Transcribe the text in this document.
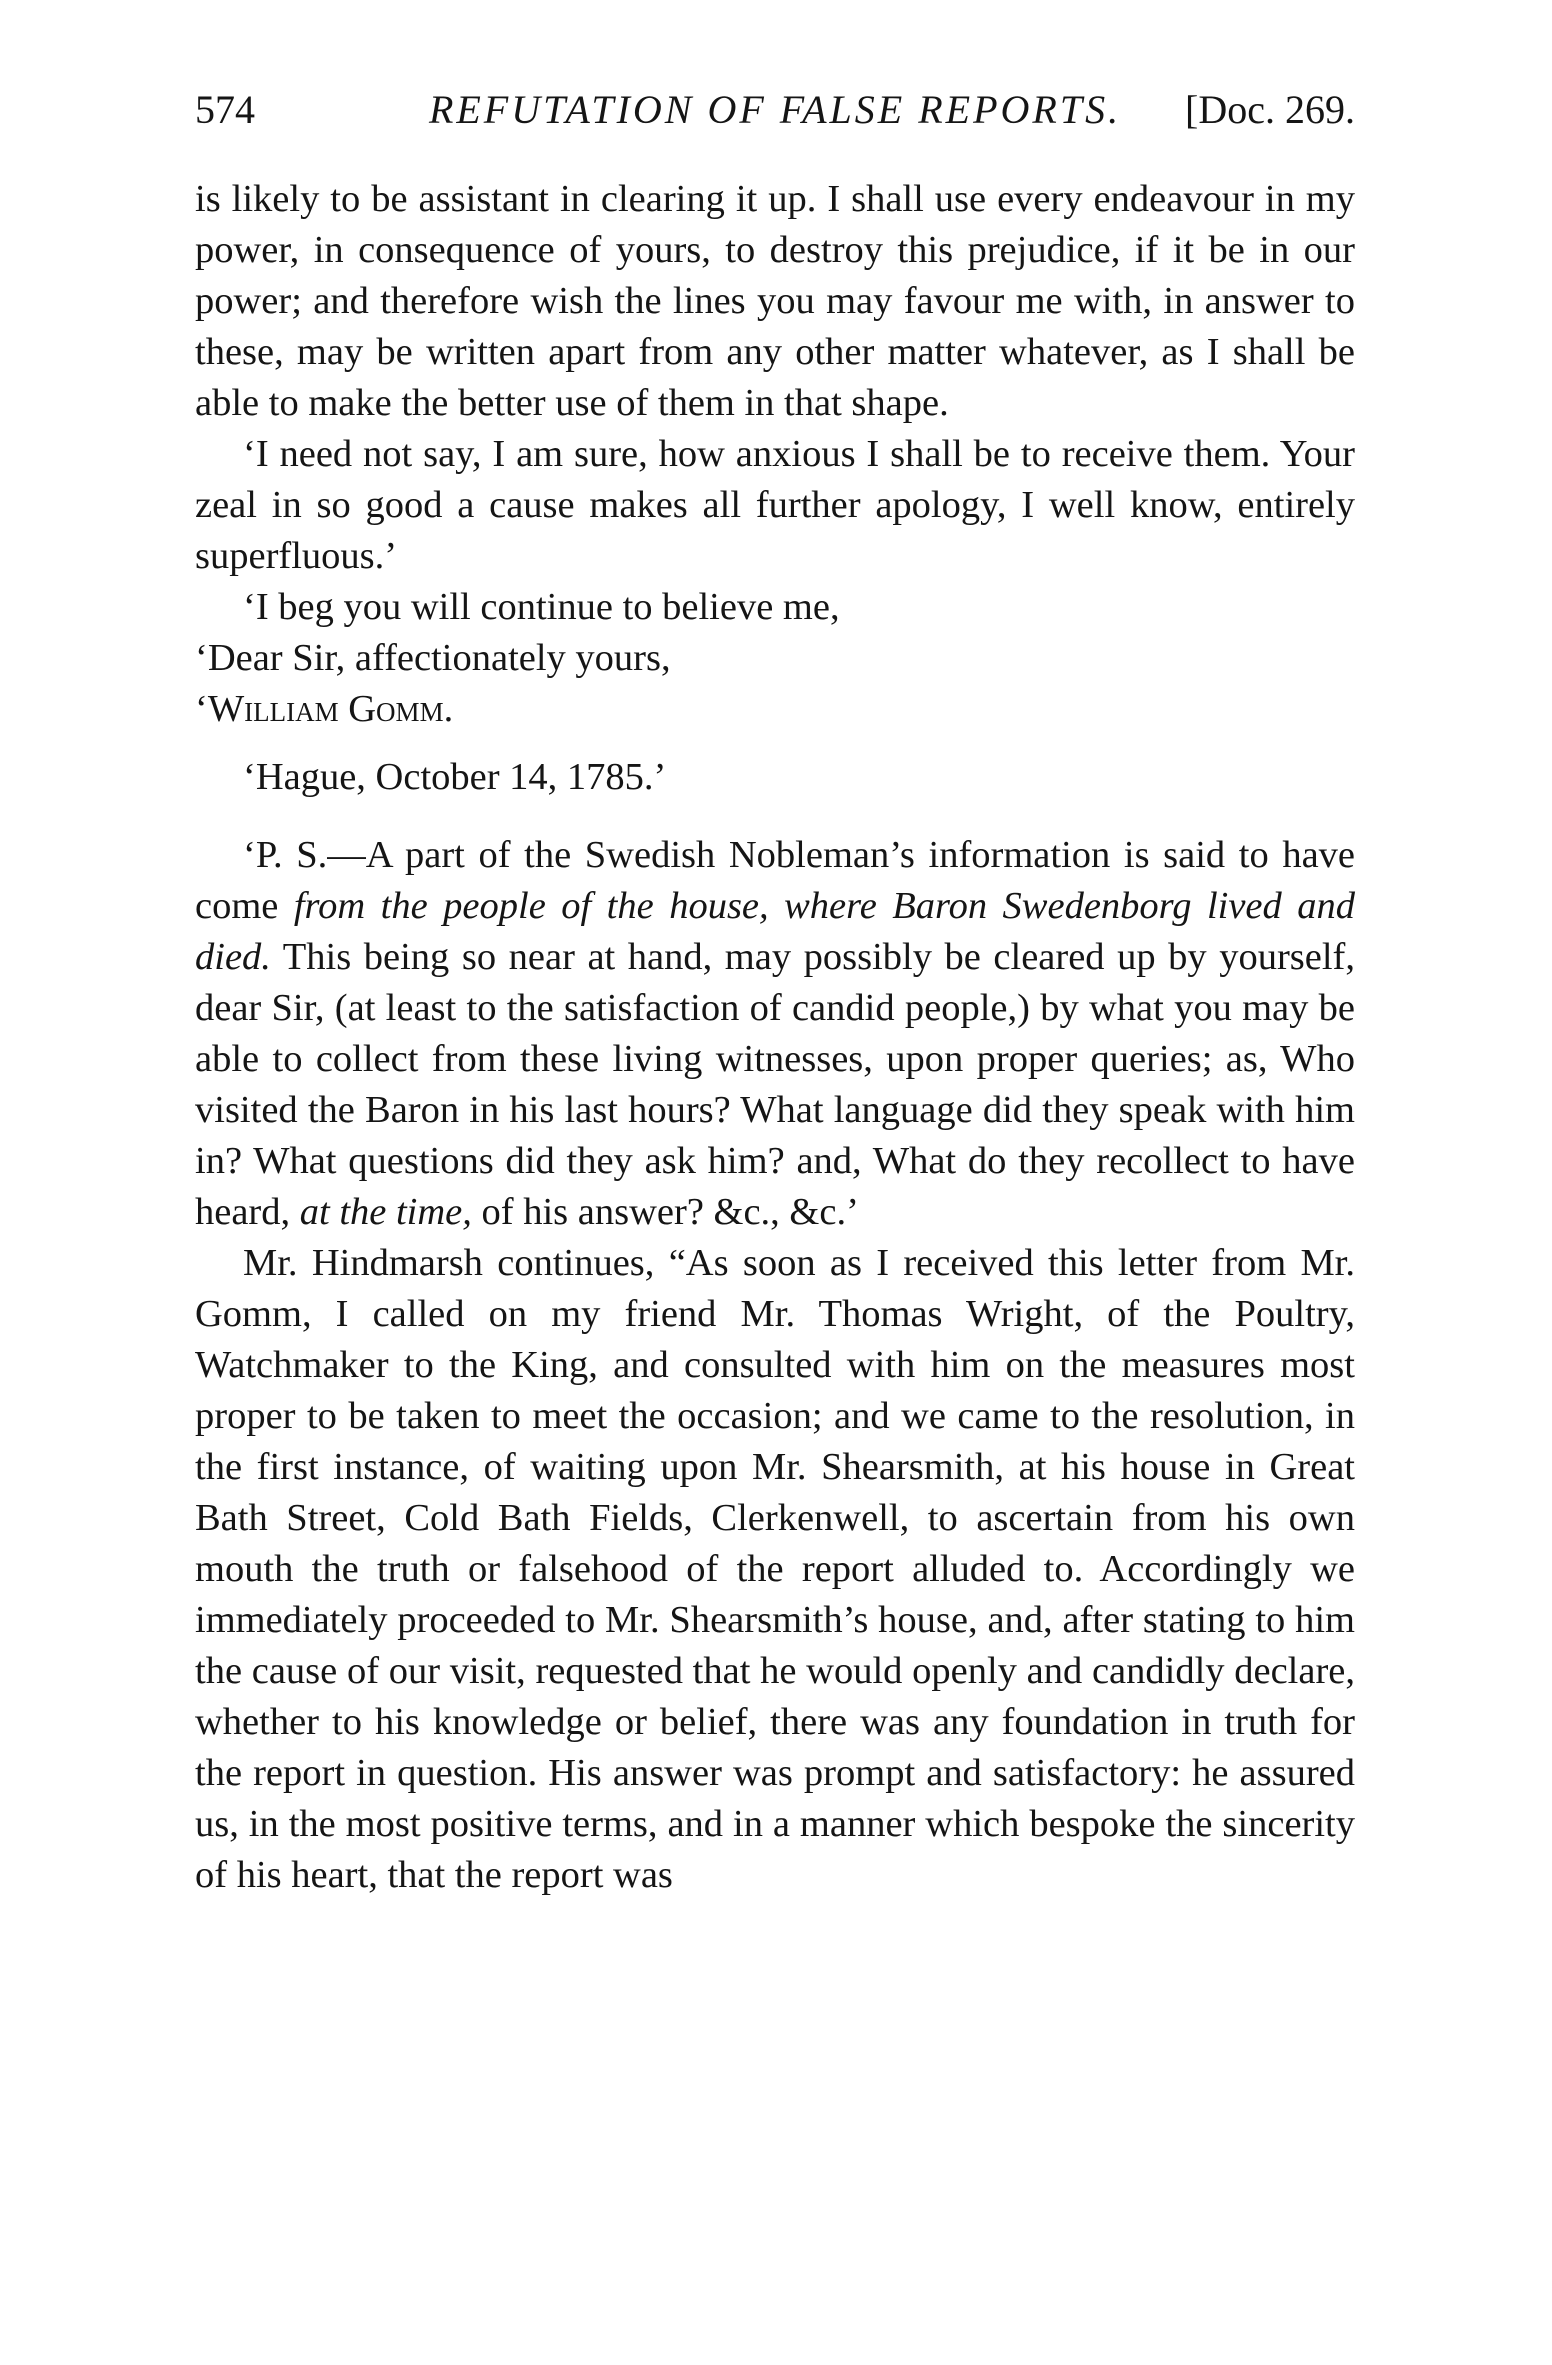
574	REFUTATION OF FALSE REPORTS.	[Doc. 269.

is likely to be assistant in clearing it up. I shall use every endeavour in my power, in consequence of yours, to destroy this prejudice, if it be in our power; and therefore wish the lines you may favour me with, in answer to these, may be written apart from any other matter whatever, as I shall be able to make the better use of them in that shape.

‘I need not say, I am sure, how anxious I shall be to receive them. Your zeal in so good a cause makes all further apology, I well know, entirely superfluous.’

‘I beg you will continue to believe me,

‘Dear Sir, affectionately yours,

‘William Gomm.

‘Hague, October 14, 1785.’

‘P. S.—A part of the Swedish Nobleman’s information is said to have come from the people of the house, where Baron Swedenborg lived and died. This being so near at hand, may possibly be cleared up by yourself, dear Sir, (at least to the satisfaction of candid people,) by what you may be able to collect from these living witnesses, upon proper queries; as, Who visited the Baron in his last hours? What language did they speak with him in? What questions did they ask him? and, What do they recollect to have heard, at the time, of his answer? &c., &c.’

Mr. Hindmarsh continues, “As soon as I received this letter from Mr. Gomm, I called on my friend Mr. Thomas Wright, of the Poultry, Watchmaker to the King, and consulted with him on the measures most proper to be taken to meet the occasion; and we came to the resolution, in the first instance, of waiting upon Mr. Shearsmith, at his house in Great Bath Street, Cold Bath Fields, Clerkenwell, to ascertain from his own mouth the truth or falsehood of the report alluded to. Accordingly we immediately proceeded to Mr. Shearsmith’s house, and, after stating to him the cause of our visit, requested that he would openly and candidly declare, whether to his knowledge or belief, there was any foundation in truth for the report in question. His answer was prompt and satisfactory: he assured us, in the most positive terms, and in a manner which bespoke the sincerity of his heart, that the report was
